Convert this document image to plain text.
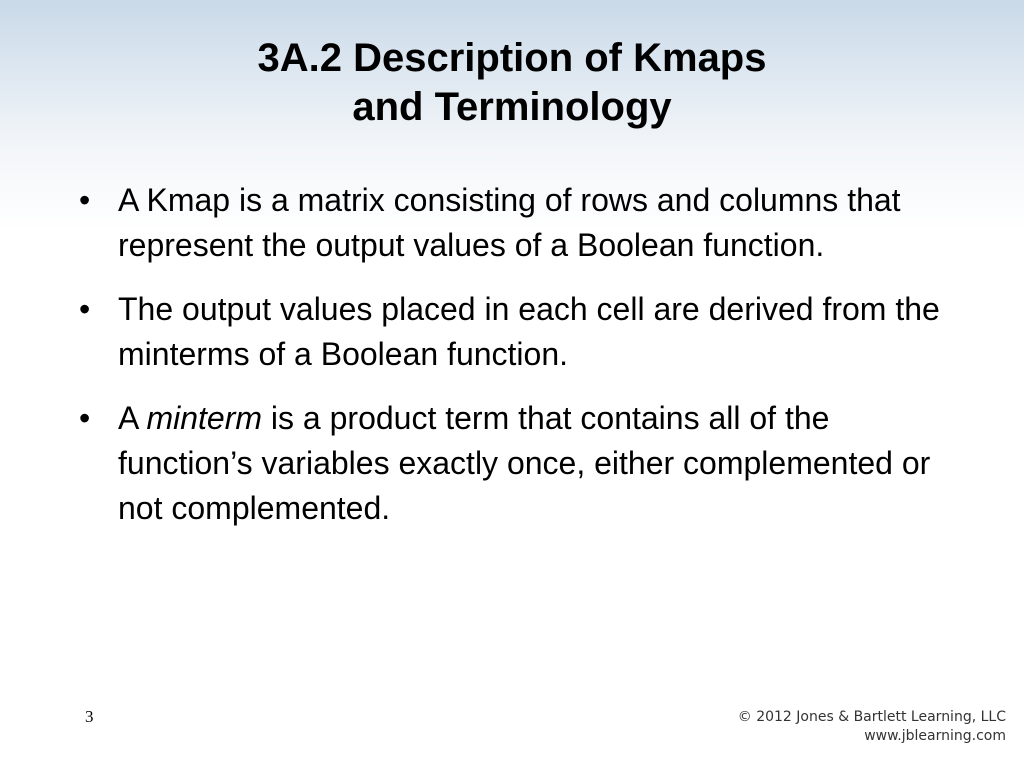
3A.2 Description of Kmaps
and Terminology
• A Kmap is a matrix consisting of rows and columns that represent the output values of a Boolean function.
• The output values placed in each cell are derived from the minterms of a Boolean function.
• A minterm is a product term that contains all of the function’s variables exactly once, either complemented or not complemented.
3	© 2012 Jones & Bartlett Learning, LLC
www.jblearning.com
